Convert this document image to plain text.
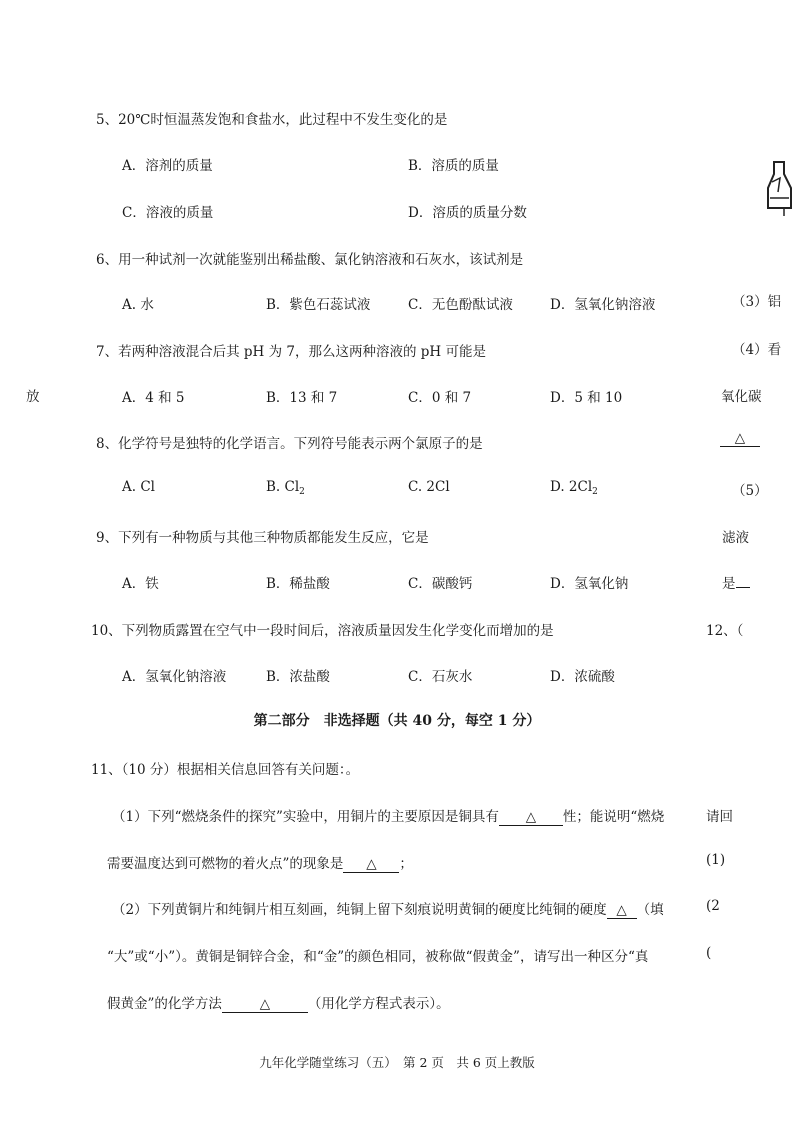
5、20℃时恒温蒸发饱和食盐水，此过程中不发生变化的是
A．溶剂的质量	B．溶质的质量
C．溶液的质量	D．溶质的质量分数
6、用一种试剂一次就能鉴别出稀盐酸、氯化钠溶液和石灰水，该试剂是
A. 水	B．紫色石蕊试液	C．无色酚酞试液	D．氢氧化钠溶液
7、若两种溶液混合后其 pH 为 7，那么这两种溶液的 pH 可能是
A．4 和 5	B．13 和 7	C．0 和 7	D．5 和 10
8、化学符号是独特的化学语言。下列符号能表示两个氯原子的是
A. Cl	B. $Cl_2$	C. 2Cl	D. $2Cl_2$
9、下列有一种物质与其他三种物质都能发生反应，它是
A．铁	B．稀盐酸	C．碳酸钙	D．氢氧化钠
10、下列物质露置在空气中一段时间后，溶液质量因发生化学变化而增加的是
A．氢氧化钠溶液	B．浓盐酸	C．石灰水	D．浓硫酸
第二部分　非选择题（共 40 分，每空 1 分）
11、（10 分）根据相关信息回答有关问题：。
（1）下列“燃烧条件的探究”实验中，用铜片的主要原因是铜具有 △ 性；能说明“燃烧
需要温度达到可燃物的着火点”的现象是 △ ；
（2）下列黄铜片和纯铜片相互刻画，纯铜上留下刻痕说明黄铜的硬度比纯铜的硬度 △ （填
“大”或“小”）。黄铜是铜锌合金，和“金”的颜色相同，被称做“假黄金”，请写出一种区分“真
假黄金”的化学方法	△	（用化学方程式表示）。
放
（3）铝
（4）看
氧化碳
△
（5）
滤液
是
12、（
请回
(1)
(2
(
九年化学随堂练习（五）　第 2 页　共 6 页上教版
